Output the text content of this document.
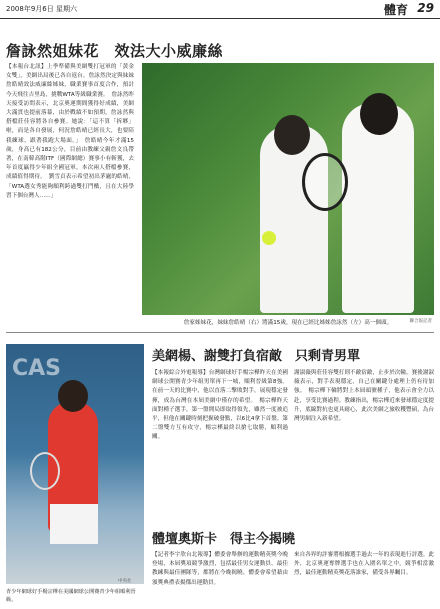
2008年9月6日 星期六	體育 29
詹詠然姐妹花　效法大小威廉絲
【本報台北訊】上季準備與美網雙打冠軍的「黃金女雙」，美網出局後已各自返台。詹詠然決定與妹妹詹皓晴效法威廉絲姊妹，職業賽事首度合作，預計今天飛往吉里島，挑戰WTA等級職業賽。　詹詠然昨天接受訪問表示，北京奧運期間獲得好成績，美網大滿貫也提前落幕，由於戰績不如預期，詹詠然與搭檔莊佳容將各自參賽。她說：「這不算「拆夥」啦，而是各自發展，何況詹皓晴已經長大，也要陪我練球，跟著我跑大場面。」　詹皓晴今年才滿15歲，身高已有182公分，目前由教練父親詹文良帶著，在南韓高階ITF（國際網總）賽事小有斬獲，去年首度贏得少年組全國冠軍。本次兩人搭檔參賽，成績值得期待。　劉雪貞表示希望初出茅廬的皓晴，「WTA選女秀能夠順利跨過雙打門檻，且在大陸學習下個台灣人……」
詹家姊妹花，妹妹詹皓晴（右）將滿15歲，現在已經比姊姊詹詠然（左）高一個頭。	聯合報記者
CAS
中央社
青少年網球好手楊宗樺在美國網球公開賽青少年組順利晉級。
美網楊、謝雙打負宿敵　只剩青男單
【本報綜合外電報導】台灣網球好手楊宗樺昨天在美國網球公開賽青少年組男單再下一城，順利晉級第8強。在前一天的比賽中，他以直落二擊敗對手，展現穩定發揮，成為台灣在本屆美網中僅存的希望。　楊宗樺昨天面對種子選手，第一盤開局即取得領先，雖然一度被追平，但他在關鍵時刻把握破發點，以6比4拿下首盤。第二盤雙方互有攻守，楊宗樺最終以搶七取勝，順利過關。
謝淑薇與莊佳容雙打則不敵宿敵，止步於次輪。賽後謝淑薇表示，對手表現穩定，自己在關鍵分處理上仍有待加強。　楊宗樺下輪將對上本屆頭號種子，他表示會全力以赴，享受比賽過程。教練指出，楊宗樺近來發球穩定度提升，底線對抗也更具耐心，此次美網之旅收穫豐碩，為台灣男網注入新希望。
體壇奧斯卡　得主今揭曉
【記者李宇欣台北報導】體委會舉辦的運動精英獎今晚登場，本屆獎項競爭激烈，包括最佳男女運動員、最佳教練與最佳團隊等，都將在今晚揭曉。體委會希望藉由頒獎典禮表揚傑出運動員。
來自各界的評審將根據選手過去一年的表現進行評選。此外，北京奧運奪牌選手也在入圍名單之中，競爭相當激烈，最佳運動精英獎花落誰家，備受各界矚目。
